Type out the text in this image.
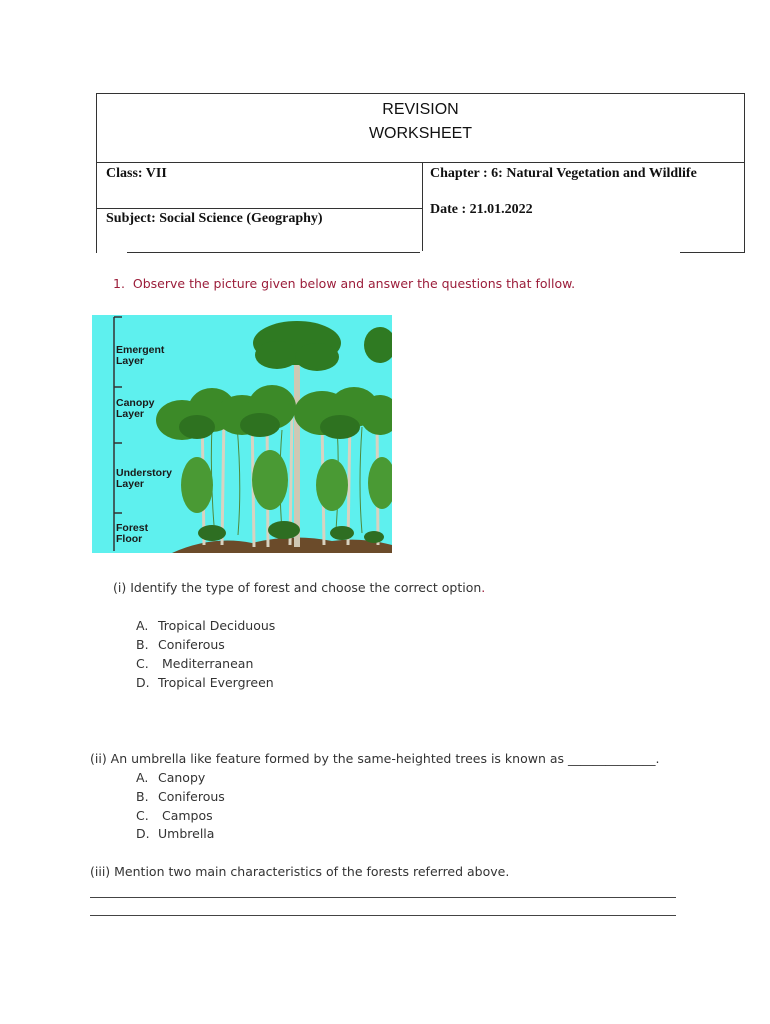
REVISION
WORKSHEET
Class: VII
Subject: Social Science (Geography)
Chapter : 6: Natural Vegetation and Wildlife
Date : 21.01.2022
1. Observe the picture given below and answer the questions that follow.
Emergent
Layer
Canopy
Layer
Understory
Layer
Forest
Floor
(i) Identify the type of forest and choose the correct option.
A. Tropical Deciduous
B. Coniferous
C. Mediterranean
D. Tropical Evergreen
(ii) An umbrella like feature formed by the same-heighted trees is known as ______________.
A. Canopy
B. Coniferous
C. Campos
D. Umbrella
(iii) Mention two main characteristics of the forests referred above.
